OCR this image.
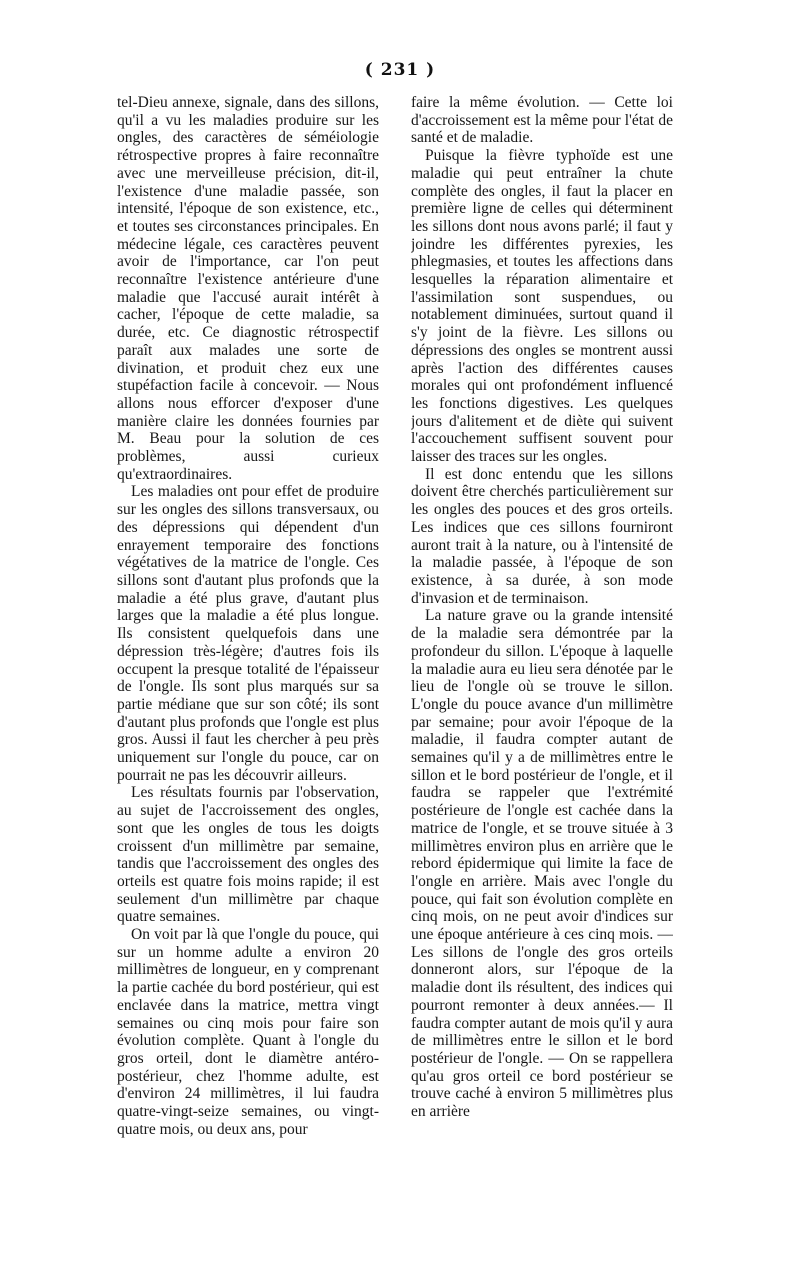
( 231 )

tel-Dieu annexe, signale, dans des sillons, qu'il a vu les maladies produire sur les ongles, des caractères de séméiologie rétrospective propres à faire reconnaître avec une merveilleuse précision, dit-il, l'existence d'une maladie passée, son intensité, l'époque de son existence, etc., et toutes ses circonstances principales. En médecine légale, ces caractères peuvent avoir de l'importance, car l'on peut reconnaître l'existence antérieure d'une maladie que l'accusé aurait intérêt à cacher, l'époque de cette maladie, sa durée, etc. Ce diagnostic rétrospectif paraît aux malades une sorte de divination, et produit chez eux une stupéfaction facile à concevoir. — Nous allons nous efforcer d'exposer d'une manière claire les données fournies par M. Beau pour la solution de ces problèmes, aussi curieux qu'extraordinaires.

Les maladies ont pour effet de produire sur les ongles des sillons transversaux, ou des dépressions qui dépendent d'un enrayement temporaire des fonctions végétatives de la matrice de l'ongle. Ces sillons sont d'autant plus profonds que la maladie a été plus grave, d'autant plus larges que la maladie a été plus longue. Ils consistent quelquefois dans une dépression très-légère; d'autres fois ils occupent la presque totalité de l'épaisseur de l'ongle. Ils sont plus marqués sur sa partie médiane que sur son côté; ils sont d'autant plus profonds que l'ongle est plus gros. Aussi il faut les chercher à peu près uniquement sur l'ongle du pouce, car on pourrait ne pas les découvrir ailleurs.

Les résultats fournis par l'observation, au sujet de l'accroissement des ongles, sont que les ongles de tous les doigts croissent d'un millimètre par semaine, tandis que l'accroissement des ongles des orteils est quatre fois moins rapide; il est seulement d'un millimètre par chaque quatre semaines.

On voit par là que l'ongle du pouce, qui sur un homme adulte a environ 20 millimètres de longueur, en y comprenant la partie cachée du bord postérieur, qui est enclavée dans la matrice, mettra vingt semaines ou cinq mois pour faire son évolution complète. Quant à l'ongle du gros orteil, dont le diamètre antéro-postérieur, chez l'homme adulte, est d'environ 24 millimètres, il lui faudra quatre-vingt-seize semaines, ou vingt-quatre mois, ou deux ans, pour

faire la même évolution. — Cette loi d'accroissement est la même pour l'état de santé et de maladie.

Puisque la fièvre typhoïde est une maladie qui peut entraîner la chute complète des ongles, il faut la placer en première ligne de celles qui déterminent les sillons dont nous avons parlé; il faut y joindre les différentes pyrexies, les phlegmasies, et toutes les affections dans lesquelles la réparation alimentaire et l'assimilation sont suspendues, ou notablement diminuées, surtout quand il s'y joint de la fièvre. Les sillons ou dépressions des ongles se montrent aussi après l'action des différentes causes morales qui ont profondément influencé les fonctions digestives. Les quelques jours d'alitement et de diète qui suivent l'accouchement suffisent souvent pour laisser des traces sur les ongles.

Il est donc entendu que les sillons doivent être cherchés particulièrement sur les ongles des pouces et des gros orteils. Les indices que ces sillons fourniront auront trait à la nature, ou à l'intensité de la maladie passée, à l'époque de son existence, à sa durée, à son mode d'invasion et de terminaison.

La nature grave ou la grande intensité de la maladie sera démontrée par la profondeur du sillon. L'époque à laquelle la maladie aura eu lieu sera dénotée par le lieu de l'ongle où se trouve le sillon. L'ongle du pouce avance d'un millimètre par semaine; pour avoir l'époque de la maladie, il faudra compter autant de semaines qu'il y a de millimètres entre le sillon et le bord postérieur de l'ongle, et il faudra se rappeler que l'extrémité postérieure de l'ongle est cachée dans la matrice de l'ongle, et se trouve située à 3 millimètres environ plus en arrière que le rebord épidermique qui limite la face de l'ongle en arrière. Mais avec l'ongle du pouce, qui fait son évolution complète en cinq mois, on ne peut avoir d'indices sur une époque antérieure à ces cinq mois. — Les sillons de l'ongle des gros orteils donneront alors, sur l'époque de la maladie dont ils résultent, des indices qui pourront remonter à deux années.— Il faudra compter autant de mois qu'il y aura de millimètres entre le sillon et le bord postérieur de l'ongle. — On se rappellera qu'au gros orteil ce bord postérieur se trouve caché à environ 5 millimètres plus en arrière
